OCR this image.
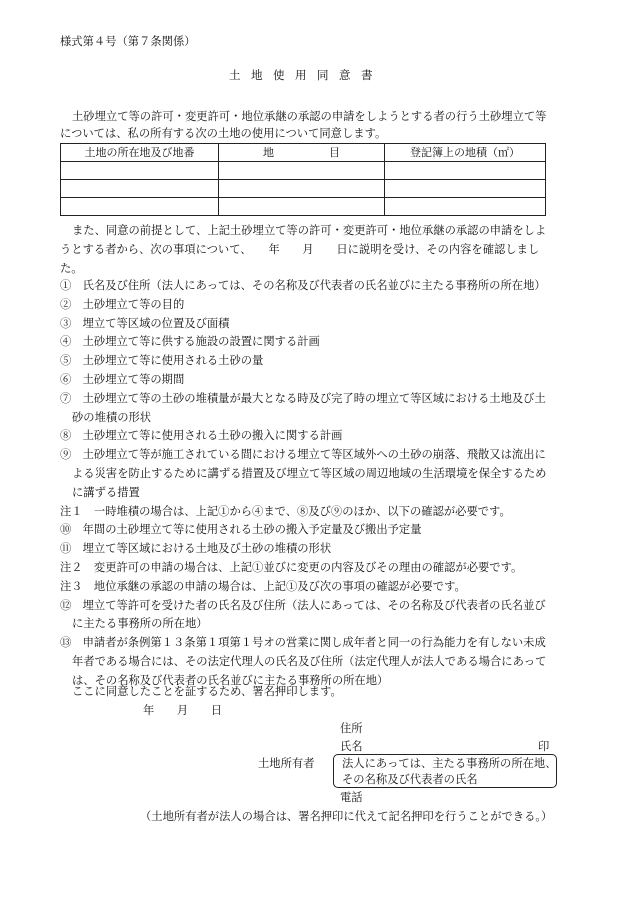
様式第４号（第７条関係）
土地使用同意書
土砂埋立て等の許可・変更許可・地位承継の承認の申請をしようとする者の行う土砂埋立て等
については、私の所有する次の土地の使用について同意します。
土地の所在地及び地番	地　　　　　目	登記簿上の地積（㎡）

また、同意の前提として、上記土砂埋立て等の許可・変更許可・地位承継の承認の申請をしよ
うとする者から、次の事項について、　　年　　月　　日に説明を受け、その内容を確認しまし
た。
①　氏名及び住所（法人にあっては、その名称及び代表者の氏名並びに主たる事務所の所在地）
②　土砂埋立て等の目的
③　埋立て等区域の位置及び面積
④　土砂埋立て等に供する施設の設置に関する計画
⑤　土砂埋立て等に使用される土砂の量
⑥　土砂埋立て等の期間
⑦　土砂埋立て等の土砂の堆積量が最大となる時及び完了時の埋立て等区域における土地及び土
砂の堆積の形状
⑧　土砂埋立て等に使用される土砂の搬入に関する計画
⑨　土砂埋立て等が施工されている間における埋立て等区域外への土砂の崩落、飛散又は流出に
よる災害を防止するために講ずる措置及び埋立て等区域の周辺地域の生活環境を保全するため
に講ずる措置
注１　一時堆積の場合は、上記①から④まで、⑧及び⑨のほか、以下の確認が必要です。
⑩　年間の土砂埋立て等に使用される土砂の搬入予定量及び搬出予定量
⑪　埋立て等区域における土地及び土砂の堆積の形状
注２　変更許可の申請の場合は、上記①並びに変更の内容及びその理由の確認が必要です。
注３　地位承継の承認の申請の場合は、上記①及び次の事項の確認が必要です。
⑫　埋立て等許可を受けた者の氏名及び住所（法人にあっては、その名称及び代表者の氏名並び
に主たる事務所の所在地）
⑬　申請者が条例第１３条第１項第１号オの営業に関し成年者と同一の行為能力を有しない未成
年者である場合には、その法定代理人の氏名及び住所（法定代理人が法人である場合にあって
は、その名称及び代表者の氏名並びに主たる事務所の所在地）
ここに同意したことを証するため、署名押印します。
年　　月　　日
住所
氏名	印
土地所有者 法人にあっては、主たる事務所の所在地、
その名称及び代表者の氏名
電話
（土地所有者が法人の場合は、署名押印に代えて記名押印を行うことができる。）
